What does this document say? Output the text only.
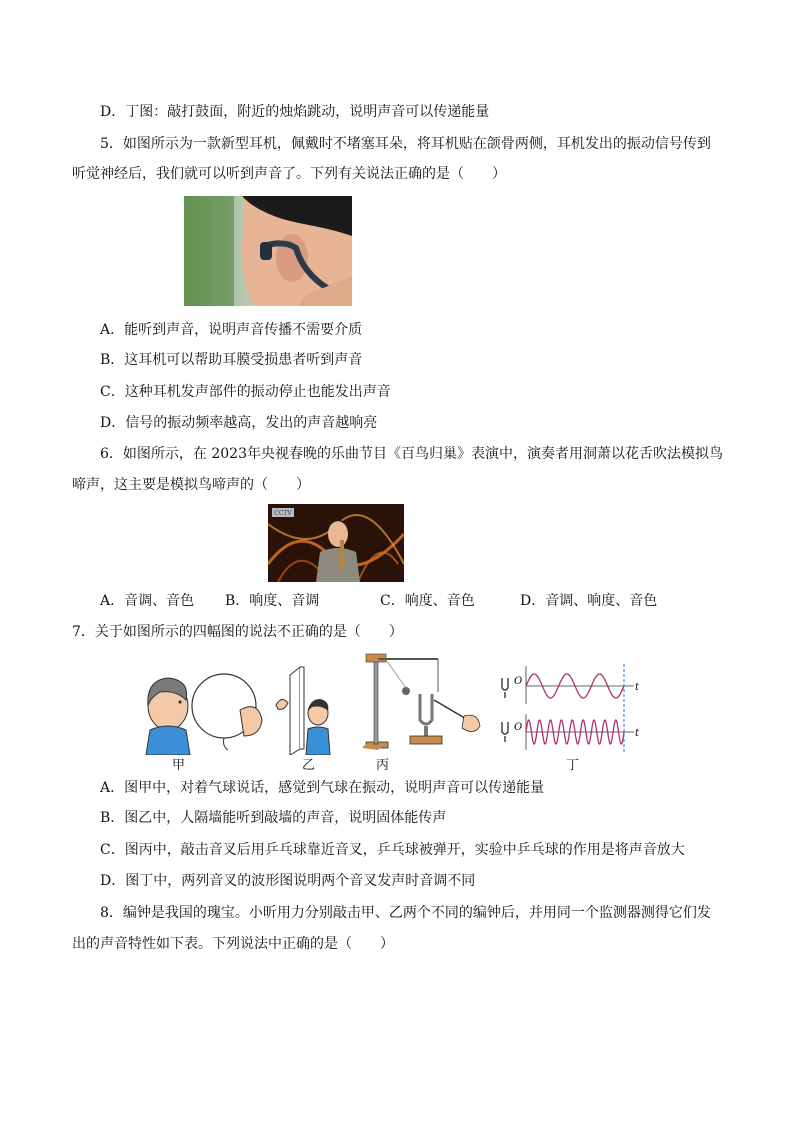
D．丁图：敲打鼓面，附近的烛焰跳动，说明声音可以传递能量
5．如图所示为一款新型耳机，佩戴时不堵塞耳朵，将耳机贴在颌骨两侧，耳机发出的振动信号传到
听觉神经后，我们就可以听到声音了。下列有关说法正确的是（　　）
A．能听到声音，说明声音传播不需要介质
B．这耳机可以帮助耳膜受损患者听到声音
C．这种耳机发声部件的振动停止也能发出声音
D．信号的振动频率越高，发出的声音越响亮
6．如图所示，在 2023年央视春晚的乐曲节目《百鸟归巢》表演中，演奏者用洞萧以花舌吹法模拟鸟
啼声，这主要是模拟鸟啼声的（　　）
CCTV
A．音调、音色 B．响度、音调	C．响度、音色	D．音调、响度、音色
7．关于如图所示的四幅图的说法不正确的是（　　）
O
t
O
t
甲	乙	丙	丁
A．图甲中，对着气球说话，感觉到气球在振动，说明声音可以传递能量
B．图乙中，人隔墙能听到敲墙的声音，说明固体能传声
C．图丙中，敲击音叉后用乒乓球靠近音叉，乒乓球被弹开，实验中乒乓球的作用是将声音放大
D．图丁中，两列音叉的波形图说明两个音叉发声时音调不同
8．编钟是我国的瑰宝。小昕用力分别敲击甲、乙两个不同的编钟后，并用同一个监测器测得它们发
出的声音特性如下表。下列说法中正确的是（　　）
